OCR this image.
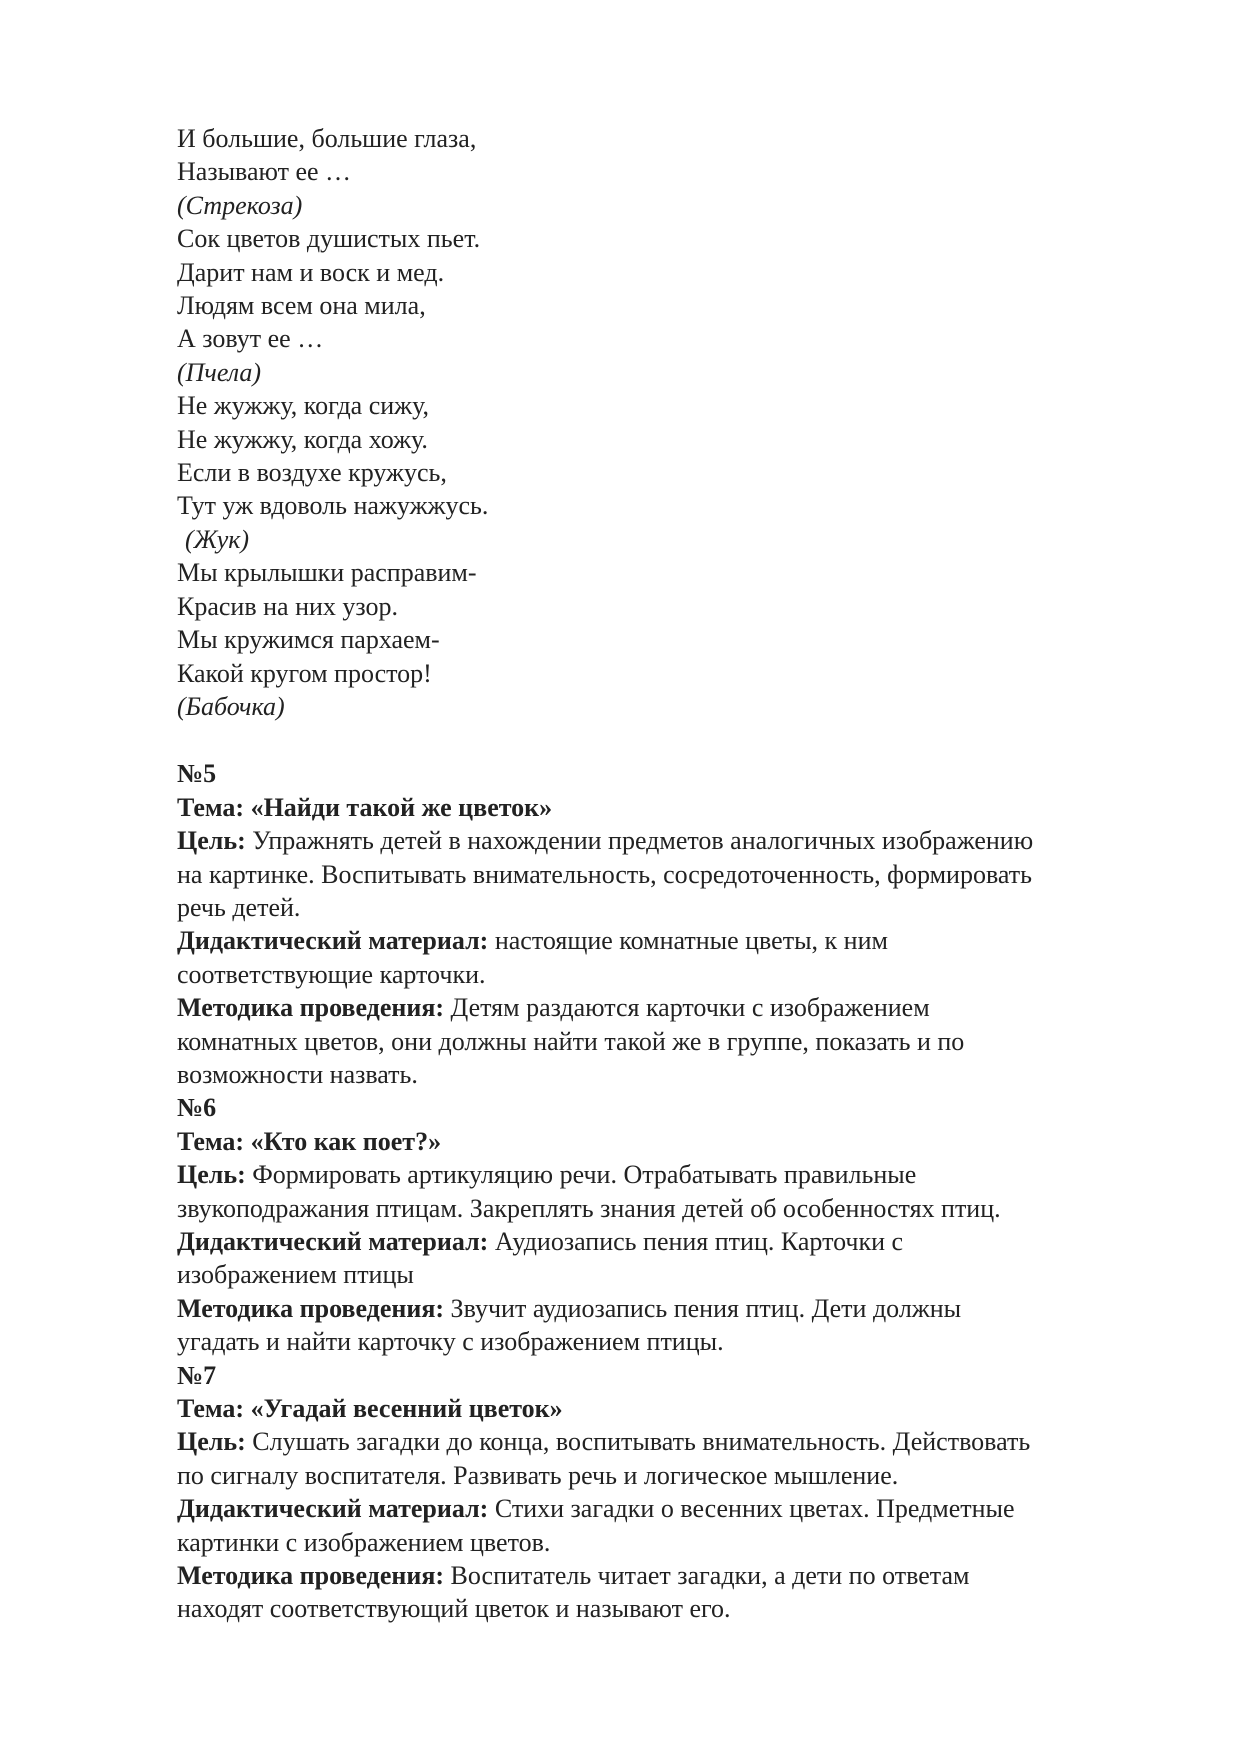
И большие, большие глаза,
Называют ее …
(Стрекоза)
Сок цветов душистых пьет.
Дарит нам и воск и мед.
Людям всем она мила,
А зовут ее …
(Пчела)
Не жужжу, когда сижу,
Не жужжу, когда хожу.
Если в воздухе кружусь,
Тут уж вдоволь нажужжусь.
(Жук)
Мы крылышки расправим-
Красив на них узор.
Мы кружимся пархаем-
Какой кругом простор!
(Бабочка)
№5
Тема: «Найди такой же цветок»
Цель: Упражнять детей в нахождении предметов аналогичных изображению
на картинке. Воспитывать внимательность, сосредоточенность, формировать
речь детей.
Дидактический материал: настоящие комнатные цветы, к ним
соответствующие карточки.
Методика проведения: Детям раздаются карточки с изображением
комнатных цветов, они должны найти такой же в группе, показать и по
возможности назвать.
№6
Тема: «Кто как поет?»
Цель: Формировать артикуляцию речи. Отрабатывать правильные
звукоподражания птицам. Закреплять знания детей об особенностях птиц.
Дидактический материал: Аудиозапись пения птиц. Карточки с
изображением птицы
Методика проведения: Звучит аудиозапись пения птиц. Дети должны
угадать и найти карточку с изображением птицы.
№7
Тема: «Угадай весенний цветок»
Цель: Слушать загадки до конца, воспитывать внимательность. Действовать
по сигналу воспитателя. Развивать речь и логическое мышление.
Дидактический материал: Стихи загадки о весенних цветах. Предметные
картинки с изображением цветов.
Методика проведения: Воспитатель читает загадки, а дети по ответам
находят соответствующий цветок и называют его.
